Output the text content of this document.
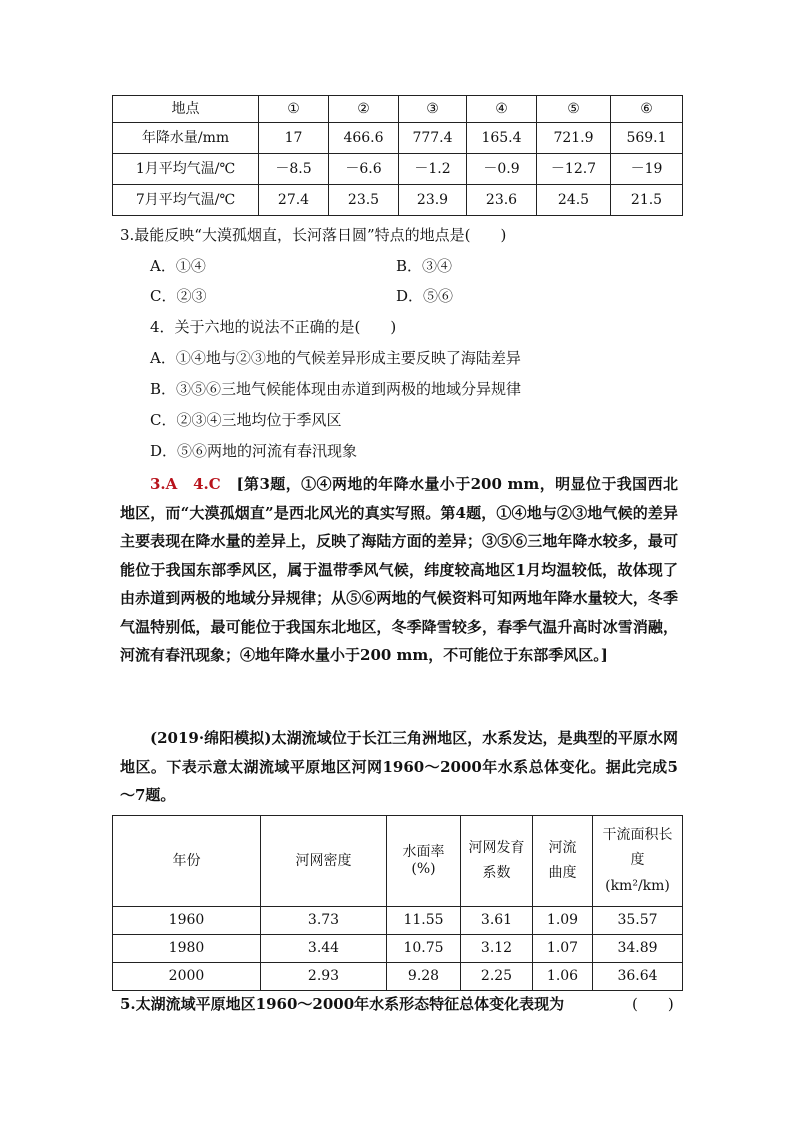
地点	①	②	③	④	⑤	⑥
年降水量/mm	17	466.6	777.4	165.4	721.9	569.1
1月平均气温/℃	－8.5	－6.6	－1.2	－0.9	－12.7	－19
7月平均气温/℃	27.4	23.5	23.9	23.6	24.5	21.5
3.最能反映“大漠孤烟直，长河落日圆”特点的地点是(　　)
A．①④	B．③④
C．②③	D．⑤⑥
4．关于六地的说法不正确的是(　　)
A．①④地与②③地的气候差异形成主要反映了海陆差异
B．③⑤⑥三地气候能体现由赤道到两极的地域分异规律
C．②③④三地均位于季风区
D．⑤⑥两地的河流有春汛现象
3.A　4.C　 [第3题，①④两地的年降水量小于200 mm，明显位于我国西北地区，而“大漠孤烟直”是西北风光的真实写照。第4题，①④地与②③地气候的差异主要表现在降水量的差异上，反映了海陆方面的差异；③⑤⑥三地年降水较多，最可能位于我国东部季风区，属于温带季风气候，纬度较高地区1月均温较低，故体现了由赤道到两极的地域分异规律；从⑤⑥两地的气候资料可知两地年降水量较大，冬季气温特别低，最可能位于我国东北地区，冬季降雪较多，春季气温升高时冰雪消融，河流有春汛现象；④地年降水量小于200 mm，不可能位于东部季风区。]
(2019·绵阳模拟)太湖流域位于长江三角洲地区，水系发达，是典型的平原水网地区。下表示意太湖流域平原地区河网1960～2000年水系总体变化。据此完成5～7题。
年份	河网密度	水面率(%)	河网发育系数	河流曲度	干流面积长度(km²/km)
1960	3.73	11.55	3.61	1.09	35.57
1980	3.44	10.75	3.12	1.07	34.89
2000	2.93	9.28	2.25	1.06	36.64
5.太湖流域平原地区1960～2000年水系形态特征总体变化表现为	(　　)
